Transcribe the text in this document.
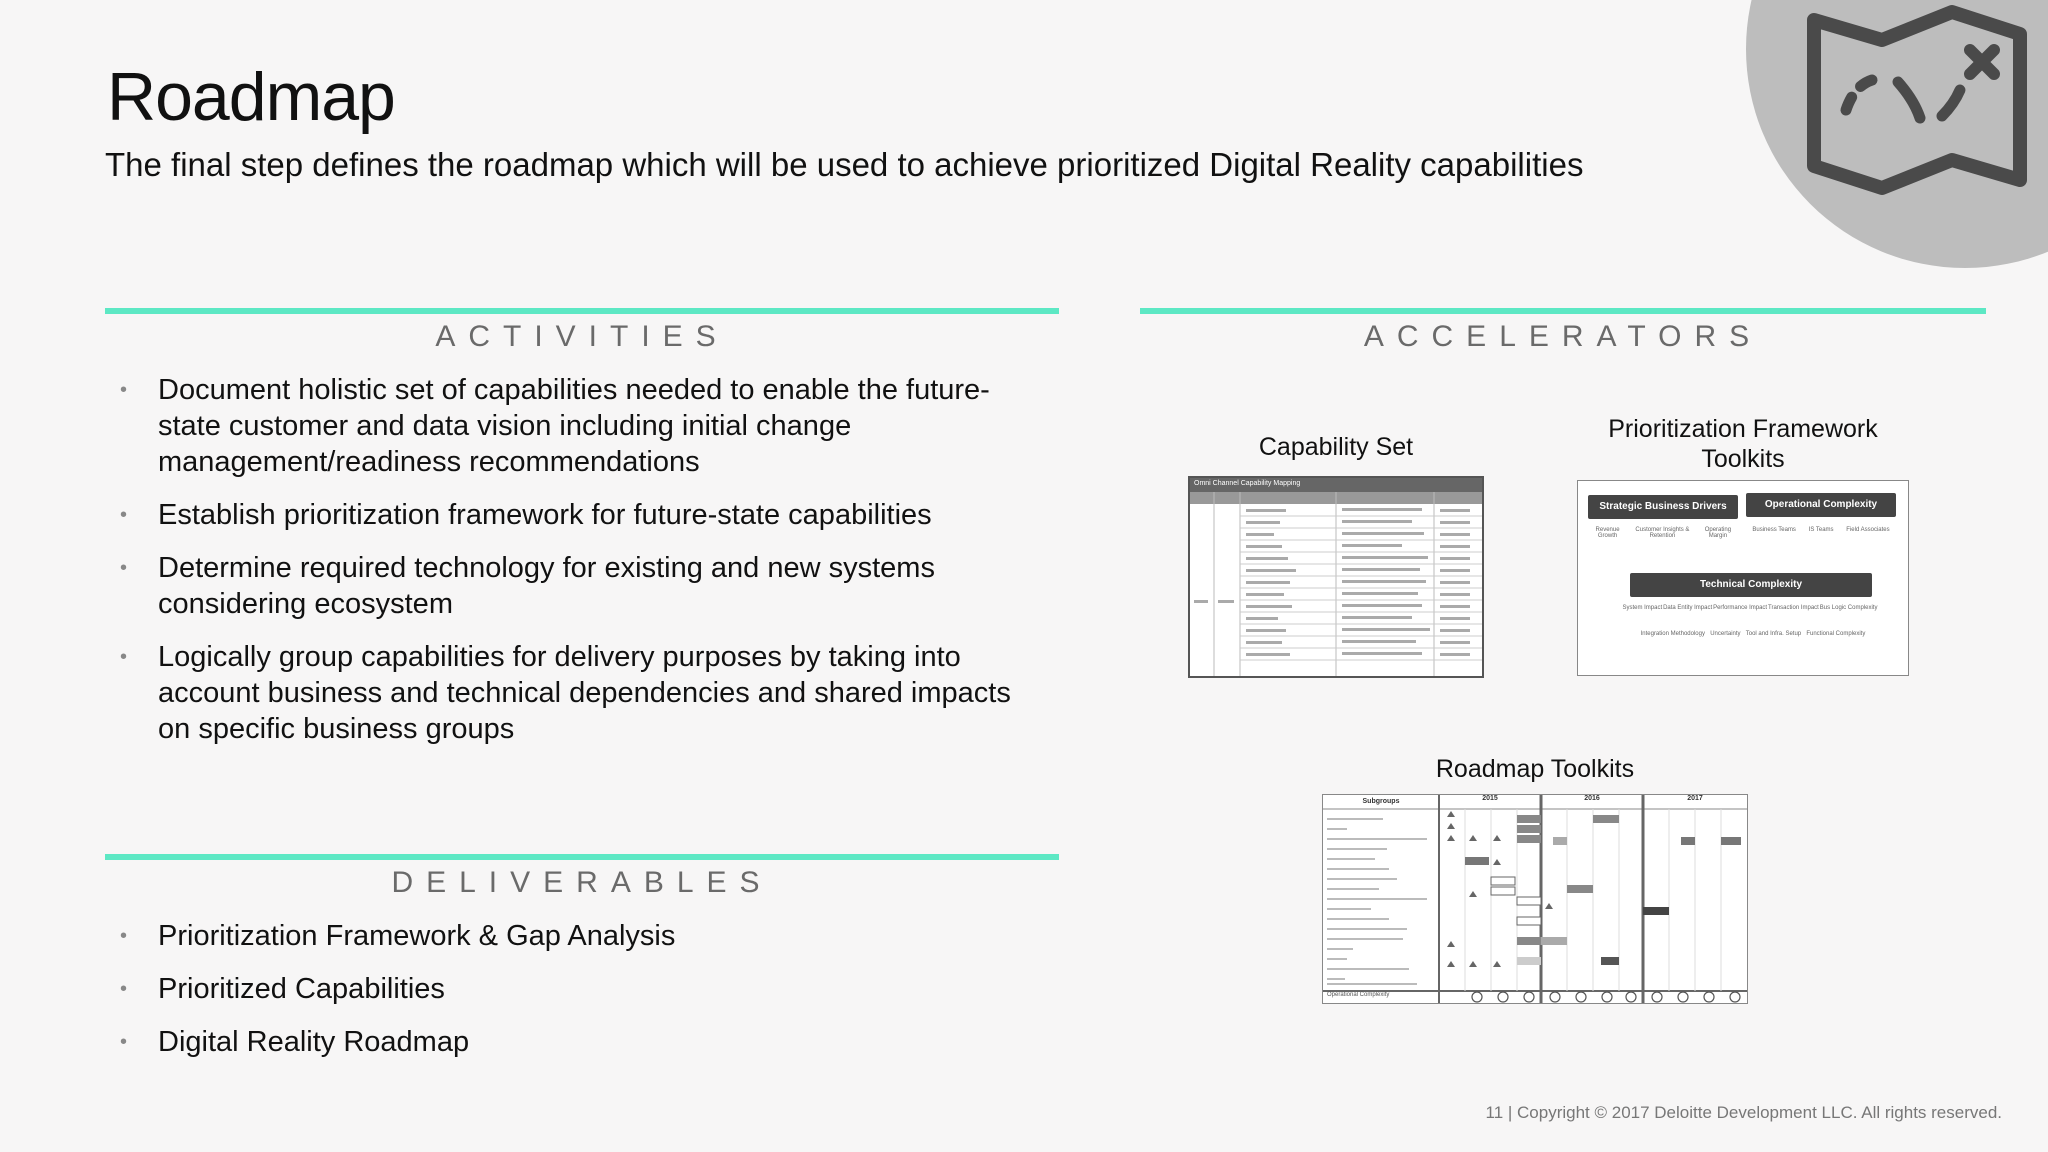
Roadmap
The final step defines the roadmap which will be used to achieve prioritized Digital Reality capabilities
ACTIVITIES
• Document holistic set of capabilities needed to enable the future-
state customer and data vision including initial change
management/readiness recommendations
• Establish prioritization framework for future-state capabilities
• Determine required technology for existing and new systems
considering ecosystem
• Logically group capabilities for delivery purposes by taking into
account business and technical dependencies and shared impacts
on specific business groups
DELIVERABLES
• Prioritization Framework & Gap Analysis
• Prioritized Capabilities
• Digital Reality Roadmap
ACCELERATORS
Capability Set
Omni Channel Capability Mapping
Prioritization Framework
Toolkits
Strategic Business Drivers	Operational Complexity
Revenue Growth
Customer Insights & Retention
Operating Margin
Business Teams IS Teams Field Associates
Technical Complexity
System Impact Data Entity Impact Performance Impact Transaction Impact Bus Logic Complexity
Integration Methodology Uncertainty Tool and Infra. Setup Functional Complexity
Roadmap Toolkits
Subgroups	2015	2016	2017
Operational Complexity
11 | Copyright © 2017 Deloitte Development LLC. All rights reserved.
